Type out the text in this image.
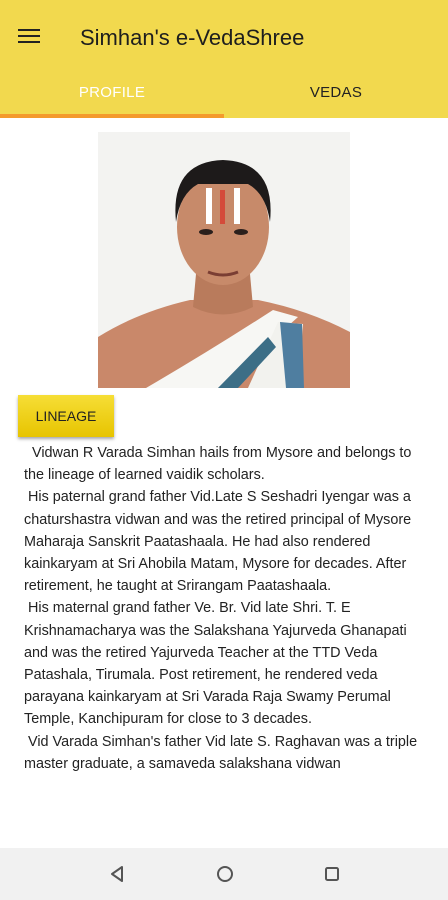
Simhan's e-VedaShree
PROFILE	VEDAS
LINEAGE
Vidwan R Varada Simhan hails from Mysore and belongs to the lineage of learned vaidik scholars.
His paternal grand father Vid.Late S Seshadri Iyengar was a chaturshastra vidwan and was the retired principal of Mysore Maharaja Sanskrit Paatashaala. He had also rendered kainkaryam at Sri Ahobila Matam, Mysore for decades. After retirement, he taught at Srirangam Paatashaala.
His maternal grand father Ve. Br. Vid late Shri. T. E Krishnamacharya was the Salakshana Yajurveda Ghanapati and was the retired Yajurveda Teacher at the TTD Veda Patashala, Tirumala. Post retirement, he rendered veda parayana kainkaryam at Sri Varada Raja Swamy Perumal Temple, Kanchipuram for close to 3 decades.
Vid Varada Simhan's father Vid late S. Raghavan was a triple master graduate, a samaveda salakshana vidwan
